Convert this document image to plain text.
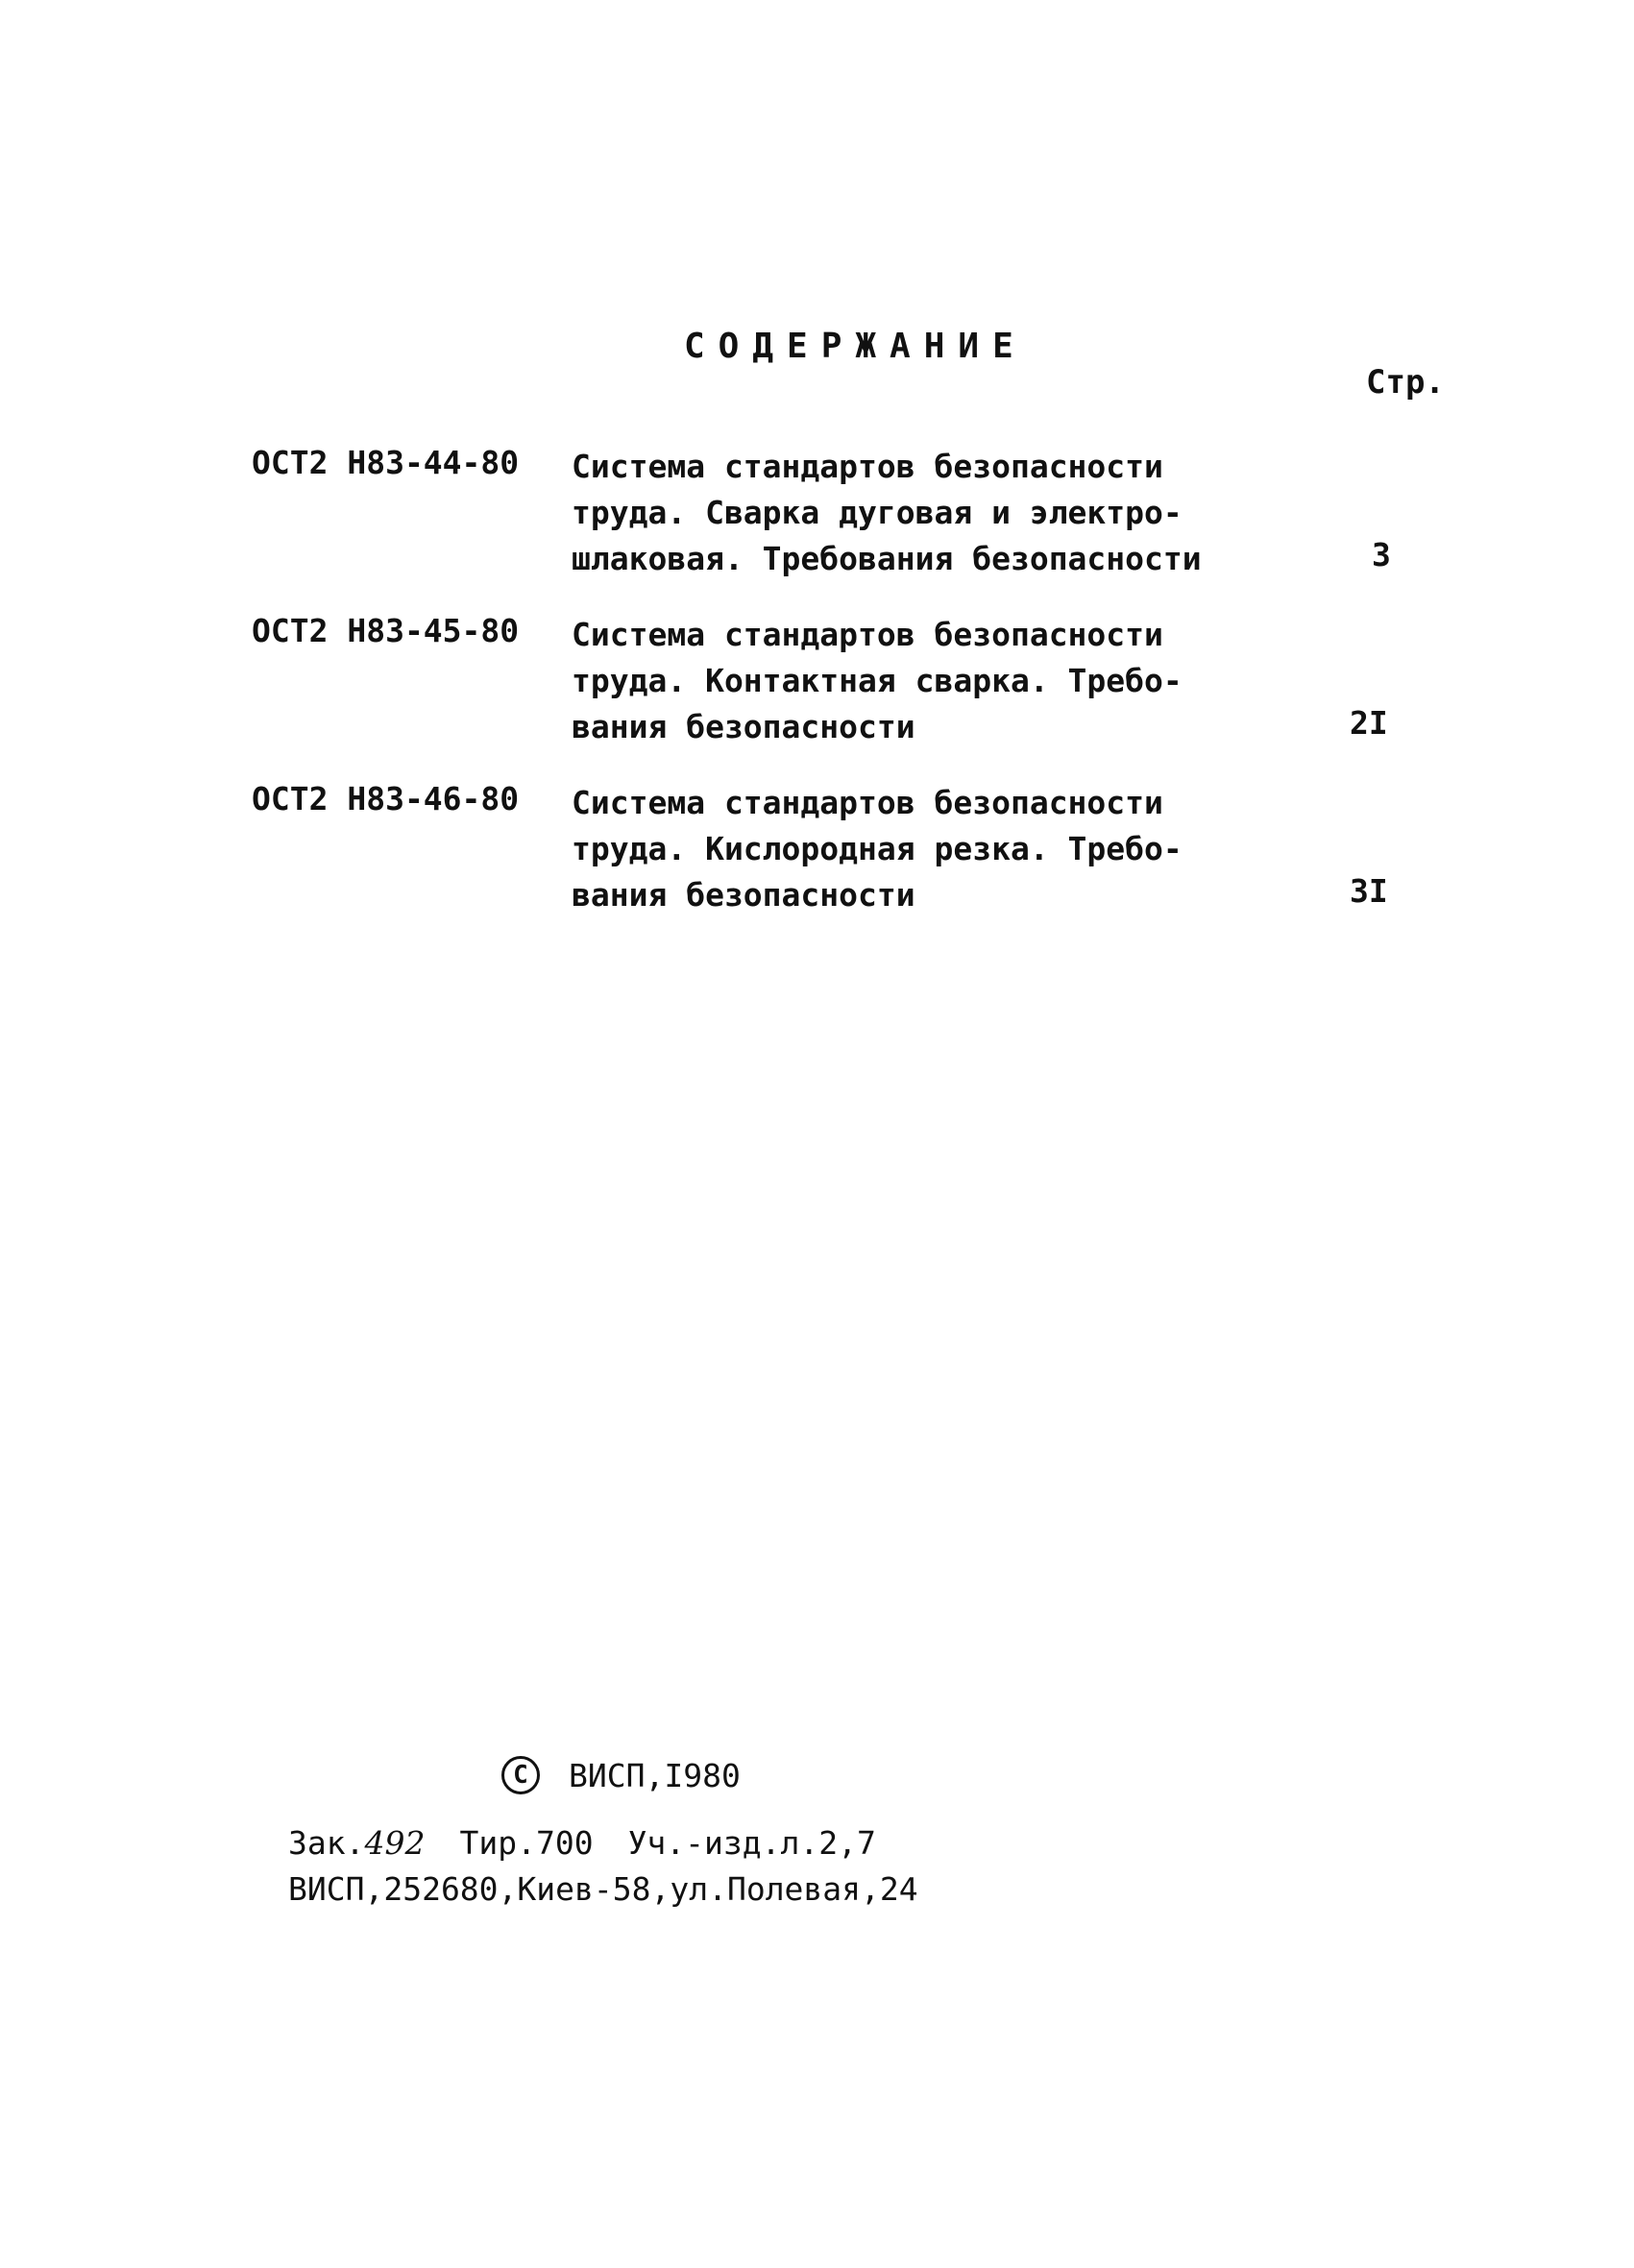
СОДЕРЖАНИЕ
Стр.
ОСТ2 Н83-44-80 Система стандартов безопасности
труда. Сварка дуговая и электро-
шлаковая. Требования безопасности	3
ОСТ2 Н83-45-80 Система стандартов безопасности
труда. Контактная сварка. Требо-
вания безопасности	2I
ОСТ2 Н83-46-80 Система стандартов безопасности
труда. Кислородная резка. Требо-
вания безопасности	3I
C	ВИСП,I980
Зак.492 Тир.700 Уч.-изд.л.2,7
ВИСП,252680,Киев-58,ул.Полевая,24
